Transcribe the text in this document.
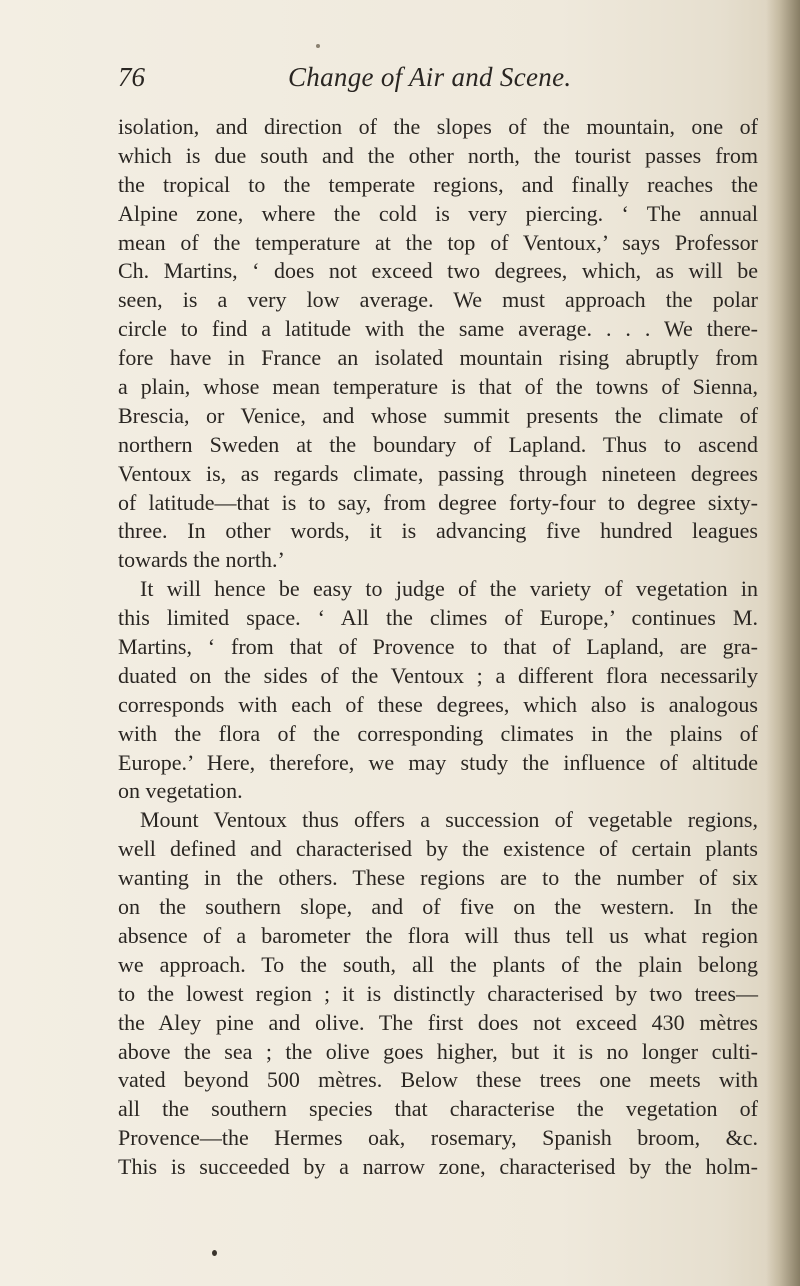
76	Change of Air and Scene.
isolation, and direction of the slopes of the mountain, one of
which is due south and the other north, the tourist passes from
the tropical to the temperate regions, and finally reaches the
Alpine zone, where the cold is very piercing. ‘ The annual
mean of the temperature at the top of Ventoux,’ says Professor
Ch. Martins, ‘ does not exceed two degrees, which, as will be
seen, is a very low average. We must approach the polar
circle to find a latitude with the same average. . . . We there-
fore have in France an isolated mountain rising abruptly from
a plain, whose mean temperature is that of the towns of Sienna,
Brescia, or Venice, and whose summit presents the climate of
northern Sweden at the boundary of Lapland. Thus to ascend
Ventoux is, as regards climate, passing through nineteen degrees
of latitude—that is to say, from degree forty-four to degree sixty-
three. In other words, it is advancing five hundred leagues
towards the north.’
It will hence be easy to judge of the variety of vegetation in
this limited space. ‘ All the climes of Europe,’ continues M.
Martins, ‘ from that of Provence to that of Lapland, are gra-
duated on the sides of the Ventoux ; a different flora necessarily
corresponds with each of these degrees, which also is analogous
with the flora of the corresponding climates in the plains of
Europe.’ Here, therefore, we may study the influence of altitude
on vegetation.
Mount Ventoux thus offers a succession of vegetable regions,
well defined and characterised by the existence of certain plants
wanting in the others. These regions are to the number of six
on the southern slope, and of five on the western. In the
absence of a barometer the flora will thus tell us what region
we approach. To the south, all the plants of the plain belong
to the lowest region ; it is distinctly characterised by two trees—
the Aley pine and olive. The first does not exceed 430 mètres
above the sea ; the olive goes higher, but it is no longer culti-
vated beyond 500 mètres. Below these trees one meets with
all the southern species that characterise the vegetation of
Provence—the Hermes oak, rosemary, Spanish broom, &c.
This is succeeded by a narrow zone, characterised by the holm-
